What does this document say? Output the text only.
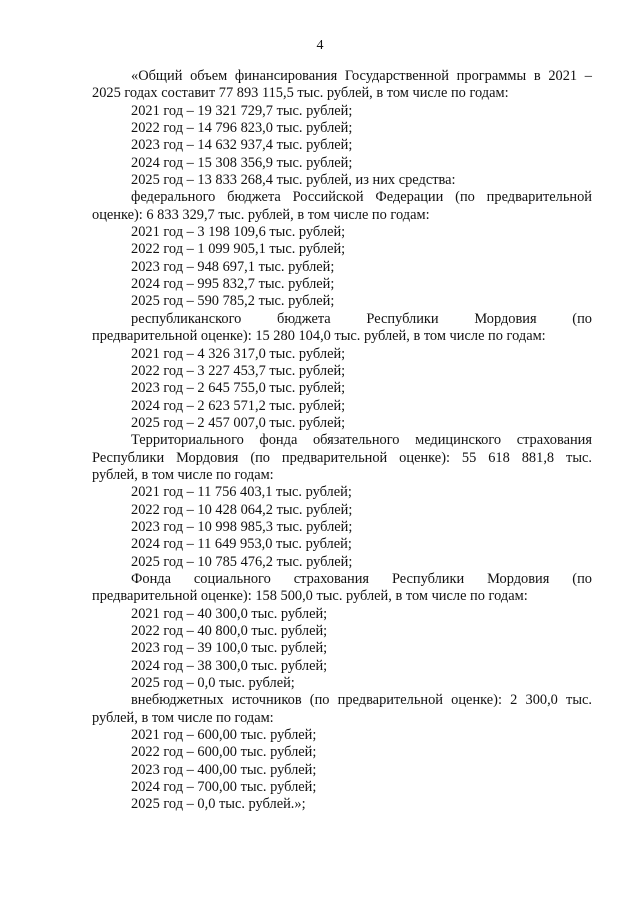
4
«Общий объем финансирования Государственной программы в 2021 –
2025 годах составит 77 893 115,5 тыс. рублей, в том числе по годам:
2021 год – 19 321 729,7 тыс. рублей;
2022 год – 14 796 823,0 тыс. рублей;
2023 год – 14 632 937,4 тыс. рублей;
2024 год – 15 308 356,9 тыс. рублей;
2025 год – 13 833 268,4 тыс. рублей, из них средства:
федерального бюджета Российской Федерации (по предварительной
оценке): 6 833 329,7 тыс. рублей, в том числе по годам:
2021 год – 3 198 109,6 тыс. рублей;
2022 год – 1 099 905,1 тыс. рублей;
2023 год – 948 697,1 тыс. рублей;
2024 год – 995 832,7 тыс. рублей;
2025 год – 590 785,2 тыс. рублей;
республиканского бюджета Республики Мордовия (по
предварительной оценке): 15 280 104,0 тыс. рублей, в том числе по годам:
2021 год – 4 326 317,0 тыс. рублей;
2022 год – 3 227 453,7 тыс. рублей;
2023 год – 2 645 755,0 тыс. рублей;
2024 год – 2 623 571,2 тыс. рублей;
2025 год – 2 457 007,0 тыс. рублей;
Территориального фонда обязательного медицинского страхования
Республики Мордовия (по предварительной оценке): 55 618 881,8 тыс.
рублей, в том числе по годам:
2021 год – 11 756 403,1 тыс. рублей;
2022 год – 10 428 064,2 тыс. рублей;
2023 год – 10 998 985,3 тыс. рублей;
2024 год – 11 649 953,0 тыс. рублей;
2025 год – 10 785 476,2 тыс. рублей;
Фонда социального страхования Республики Мордовия (по
предварительной оценке): 158 500,0 тыс. рублей, в том числе по годам:
2021 год – 40 300,0 тыс. рублей;
2022 год – 40 800,0 тыс. рублей;
2023 год – 39 100,0 тыс. рублей;
2024 год – 38 300,0 тыс. рублей;
2025 год – 0,0 тыс. рублей;
внебюджетных источников (по предварительной оценке): 2 300,0 тыс.
рублей, в том числе по годам:
2021 год – 600,00 тыс. рублей;
2022 год – 600,00 тыс. рублей;
2023 год – 400,00 тыс. рублей;
2024 год – 700,00 тыс. рублей;
2025 год – 0,0 тыс. рублей.»;
